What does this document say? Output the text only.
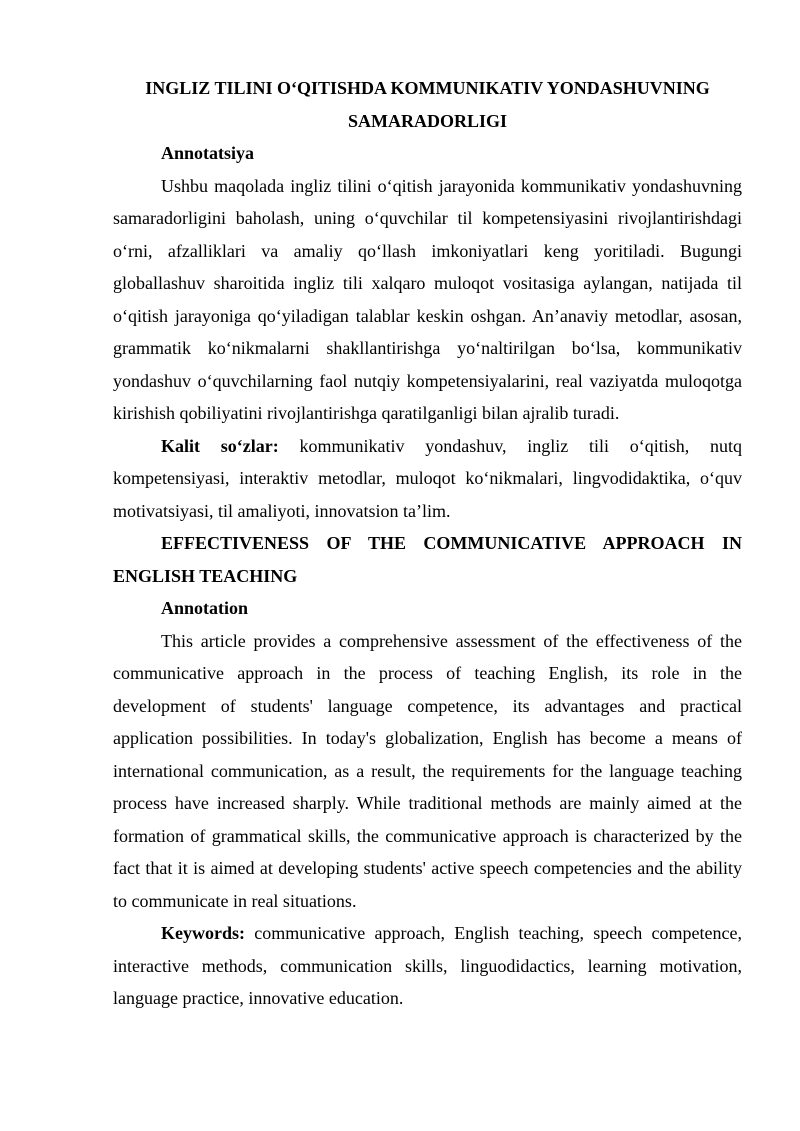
INGLIZ TILINI OʻQITISHDA KOMMUNIKATIV YONDASHUVNING

SAMARADORLIGI

Annotatsiya

Ushbu maqolada ingliz tilini oʻqitish jarayonida kommunikativ yondashuvning samaradorligini baholash, uning oʻquvchilar til kompetensiyasini rivojlantirishdagi oʻrni, afzalliklari va amaliy qoʻllash imkoniyatlari keng yoritiladi. Bugungi globallashuv sharoitida ingliz tili xalqaro muloqot vositasiga aylangan, natijada til oʻqitish jarayoniga qoʻyiladigan talablar keskin oshgan. An’anaviy metodlar, asosan, grammatik koʻnikmalarni shakllantirishga yoʻnaltirilgan boʻlsa, kommunikativ yondashuv oʻquvchilarning faol nutqiy kompetensiyalarini, real vaziyatda muloqotga kirishish qobiliyatini rivojlantirishga qaratilganligi bilan ajralib turadi.

Kalit soʻzlar: kommunikativ yondashuv, ingliz tili oʻqitish, nutq kompetensiyasi, interaktiv metodlar, muloqot koʻnikmalari, lingvodidaktika, oʻquv motivatsiyasi, til amaliyoti, innovatsion ta’lim.

EFFECTIVENESS OF THE COMMUNICATIVE APPROACH IN ENGLISH TEACHING

Annotation

This article provides a comprehensive assessment of the effectiveness of the communicative approach in the process of teaching English, its role in the development of students' language competence, its advantages and practical application possibilities. In today's globalization, English has become a means of international communication, as a result, the requirements for the language teaching process have increased sharply. While traditional methods are mainly aimed at the formation of grammatical skills, the communicative approach is characterized by the fact that it is aimed at developing students' active speech competencies and the ability to communicate in real situations.

Keywords: communicative approach, English teaching, speech competence, interactive methods, communication skills, linguodidactics, learning motivation, language practice, innovative education.
